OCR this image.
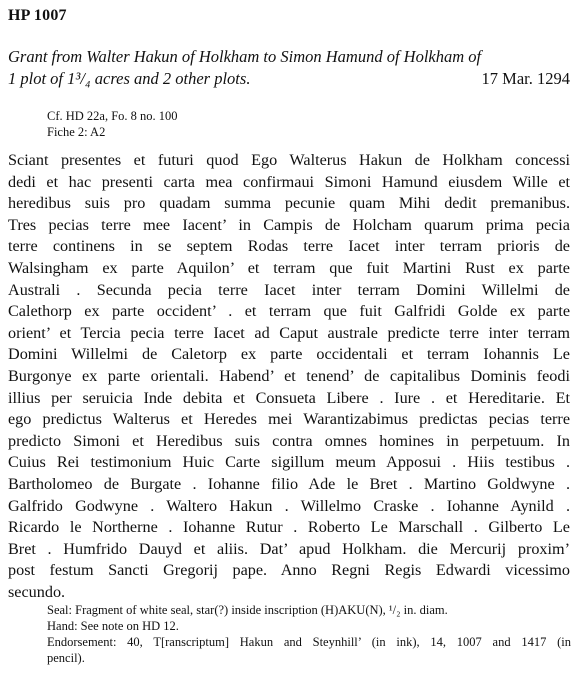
HP 1007
Grant from Walter Hakun of Holkham to Simon Hamund of Holkham of
1 plot of 1³/₄ acres and 2 other plots.	17 Mar. 1294
Cf. HD 22a, Fo. 8 no. 100
Fiche 2: A2
Sciant presentes et futuri quod Ego Walterus Hakun de Holkham concessi
dedi et hac presenti carta mea confirmaui Simoni Hamund eiusdem Wille et
heredibus suis pro quadam summa pecunie quam Mihi dedit premanibus.
Tres pecias terre mee Iacent’ in Campis de Holcham quarum prima pecia
terre continens in se septem Rodas terre Iacet inter terram prioris de
Walsingham ex parte Aquilon’ et terram que fuit Martini Rust ex parte
Australi . Secunda pecia terre Iacet inter terram Domini Willelmi de
Calethorp ex parte occident’ . et terram que fuit Galfridi Golde ex parte
orient’ et Tercia pecia terre Iacet ad Caput australe predicte terre inter terram
Domini Willelmi de Caletorp ex parte occidentali et terram Iohannis Le
Burgonye ex parte orientali. Habend’ et tenend’ de capitalibus Dominis feodi
illius per seruicia Inde debita et Consueta Libere . Iure . et Hereditarie. Et
ego predictus Walterus et Heredes mei Warantizabimus predictas pecias terre
predicto Simoni et Heredibus suis contra omnes homines in perpetuum. In
Cuius Rei testimonium Huic Carte sigillum meum Apposui . Hiis testibus .
Bartholomeo de Burgate . Iohanne filio Ade le Bret . Martino Goldwyne .
Galfrido Godwyne . Waltero Hakun . Willelmo Craske . Iohanne Aynild .
Ricardo le Northerne . Iohanne Rutur . Roberto Le Marschall . Gilberto Le
Bret . Humfrido Dauyd et aliis. Dat’ apud Holkham. die Mercurij proxim’
post festum Sancti Gregorij pape. Anno Regni Regis Edwardi vicessimo
secundo.
Seal: Fragment of white seal, star(?) inside inscription (H)AKU(N), ¹/₂ in. diam.
Hand: See note on HD 12.
Endorsement: 40, T[ranscriptum] Hakun and Steynhill’ (in ink), 14, 1007 and 1417 (in
pencil).
